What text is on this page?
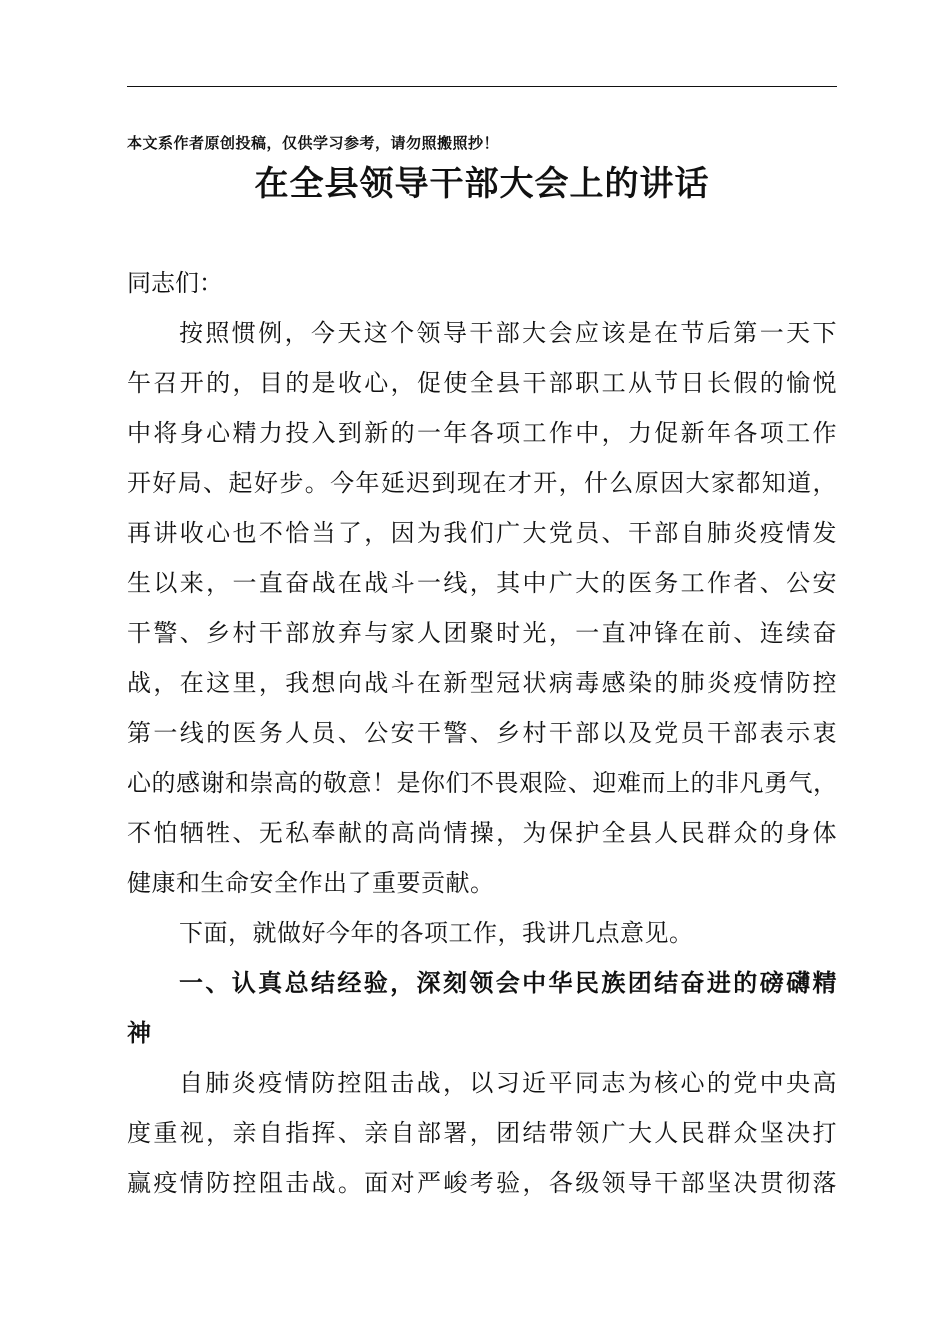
本文系作者原创投稿，仅供学习参考，请勿照搬照抄！
在全县领导干部大会上的讲话
同志们：
按照惯例，今天这个领导干部大会应该是在节后第一天下
午召开的，目的是收心，促使全县干部职工从节日长假的愉悦
中将身心精力投入到新的一年各项工作中，力促新年各项工作
开好局、起好步。今年延迟到现在才开，什么原因大家都知道，
再讲收心也不恰当了，因为我们广大党员、干部自肺炎疫情发
生以来，一直奋战在战斗一线，其中广大的医务工作者、公安
干警、乡村干部放弃与家人团聚时光，一直冲锋在前、连续奋
战，在这里，我想向战斗在新型冠状病毒感染的肺炎疫情防控
第一线的医务人员、公安干警、乡村干部以及党员干部表示衷
心的感谢和崇高的敬意！是你们不畏艰险、迎难而上的非凡勇气，
不怕牺牲、无私奉献的高尚情操，为保护全县人民群众的身体
健康和生命安全作出了重要贡献。
下面，就做好今年的各项工作，我讲几点意见。
一、认真总结经验，深刻领会中华民族团结奋进的磅礴精
神
自肺炎疫情防控阻击战，以习近平同志为核心的党中央高
度重视，亲自指挥、亲自部署，团结带领广大人民群众坚决打
赢疫情防控阻击战。面对严峻考验，各级领导干部坚决贯彻落
